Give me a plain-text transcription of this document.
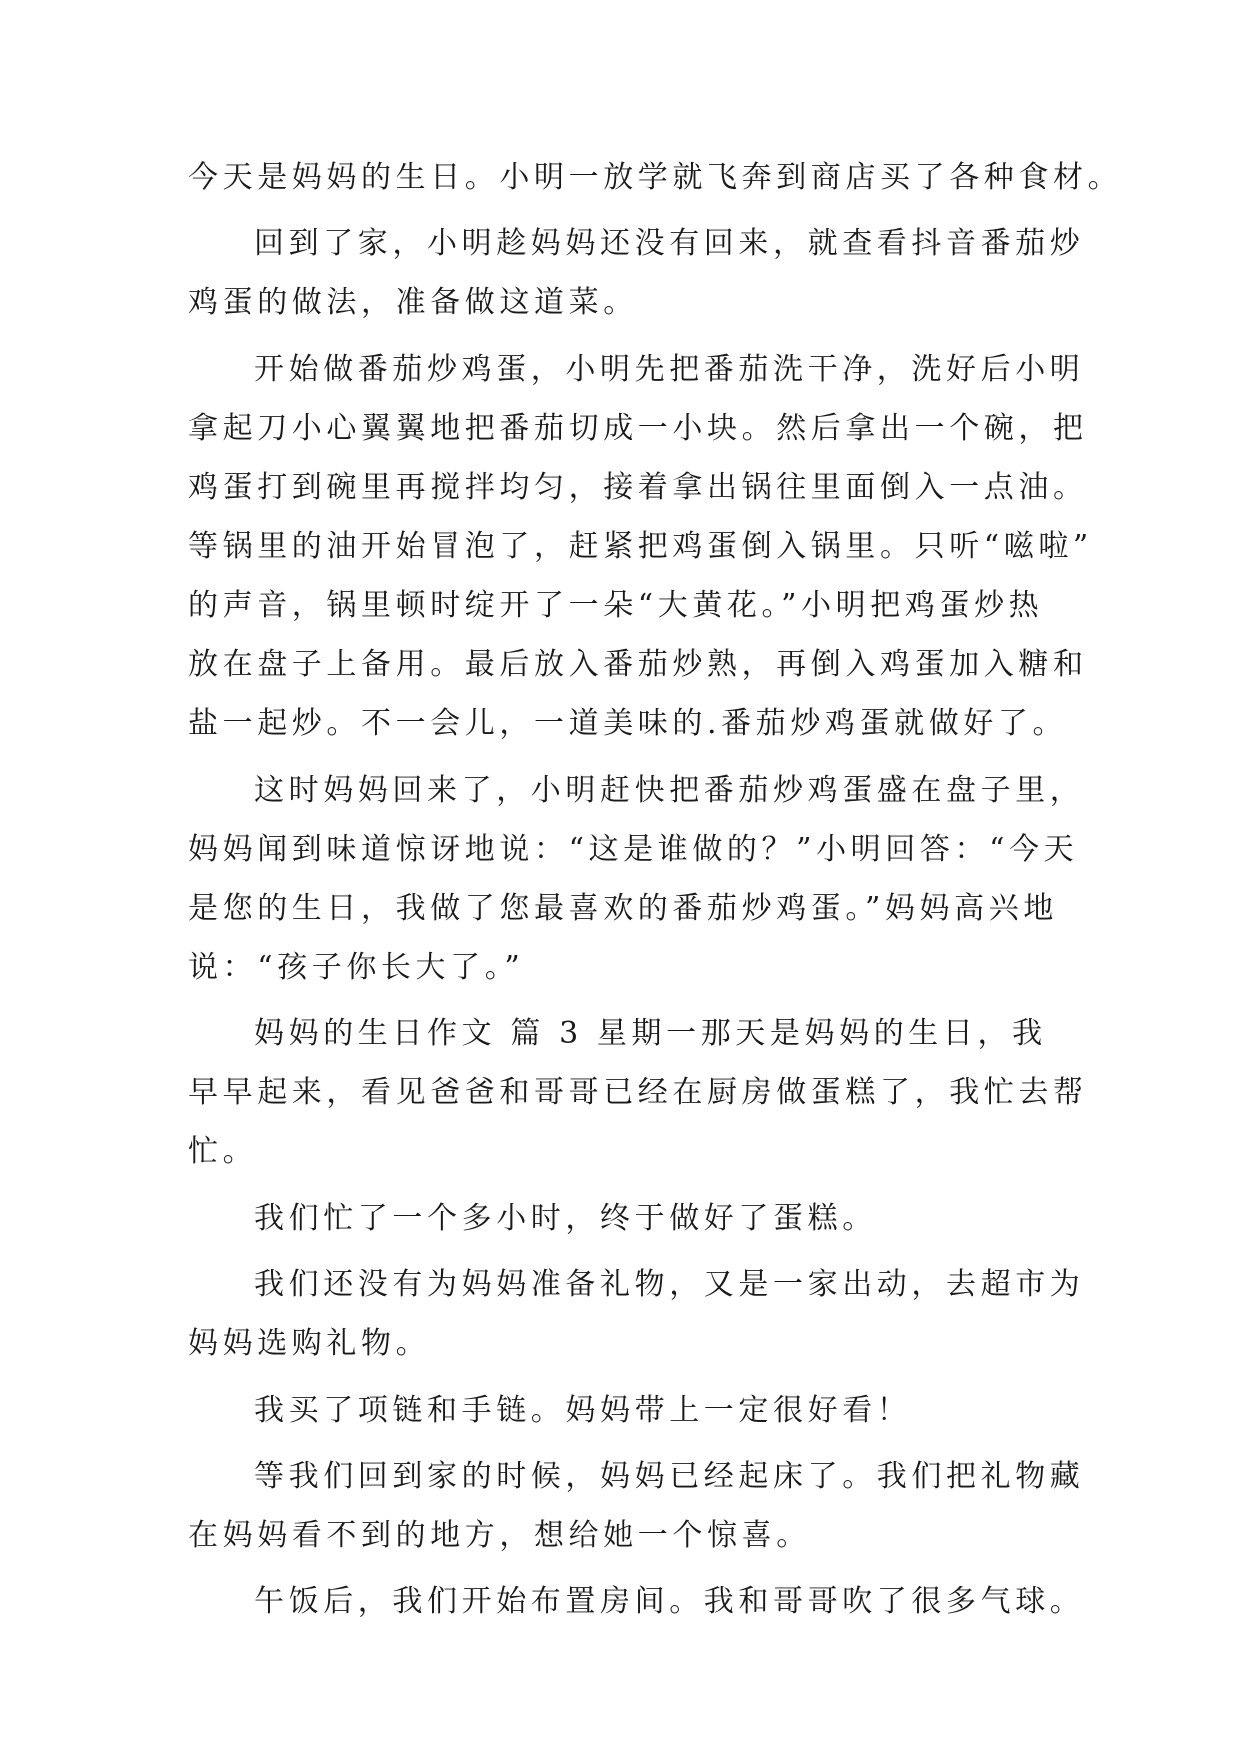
今天是妈妈的生日。小明一放学就飞奔到商店买了各种食材。

回到了家，小明趁妈妈还没有回来，就查看抖音番茄炒

鸡蛋的做法，准备做这道菜。

开始做番茄炒鸡蛋，小明先把番茄洗干净，洗好后小明

拿起刀小心翼翼地把番茄切成一小块。然后拿出一个碗，把

鸡蛋打到碗里再搅拌均匀，接着拿出锅往里面倒入一点油。

等锅里的油开始冒泡了，赶紧把鸡蛋倒入锅里。只听“嗞啦”

的声音，锅里顿时绽开了一朵“大黄花。”小明把鸡蛋炒热

放在盘子上备用。最后放入番茄炒熟，再倒入鸡蛋加入糖和

盐一起炒。不一会儿，一道美味的.番茄炒鸡蛋就做好了。

这时妈妈回来了，小明赶快把番茄炒鸡蛋盛在盘子里，

妈妈闻到味道惊讶地说：“这是谁做的？”小明回答：“今天

是您的生日，我做了您最喜欢的番茄炒鸡蛋。”妈妈高兴地

说：“孩子你长大了。”

妈妈的生日作文 篇 3 星期一那天是妈妈的生日，我

早早起来，看见爸爸和哥哥已经在厨房做蛋糕了，我忙去帮

忙。

我们忙了一个多小时，终于做好了蛋糕。

我们还没有为妈妈准备礼物，又是一家出动，去超市为

妈妈选购礼物。

我买了项链和手链。妈妈带上一定很好看！

等我们回到家的时候，妈妈已经起床了。我们把礼物藏

在妈妈看不到的地方，想给她一个惊喜。

午饭后，我们开始布置房间。我和哥哥吹了很多气球。
